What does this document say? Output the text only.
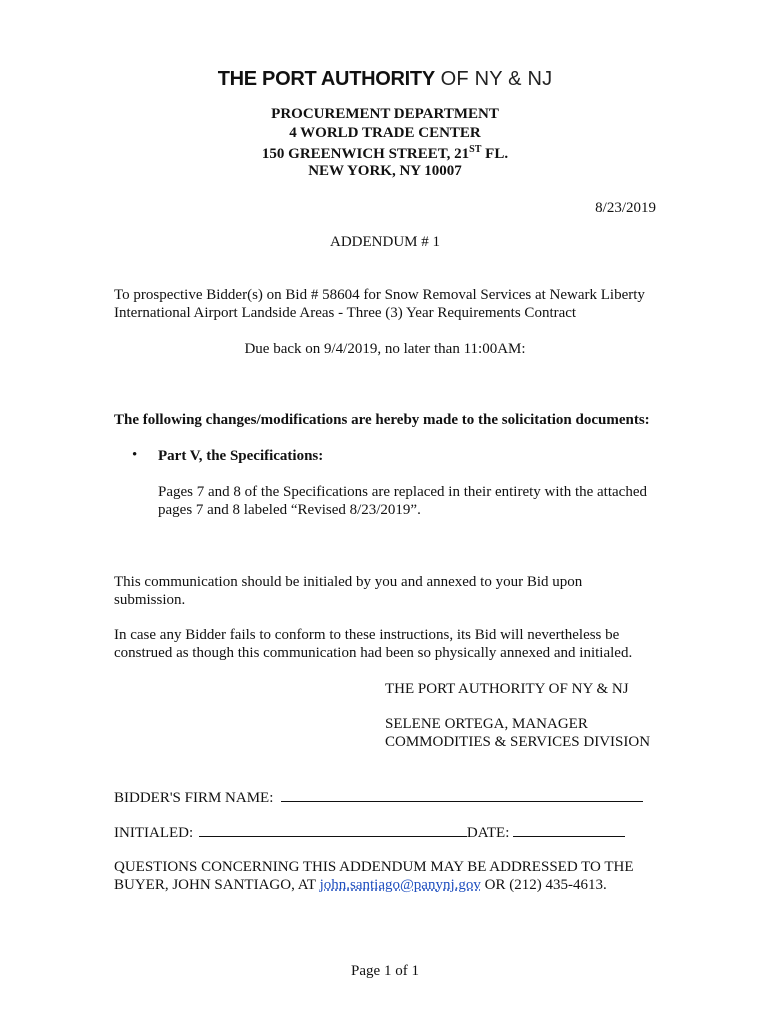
THE PORT AUTHORITY OF NY & NJ
PROCUREMENT DEPARTMENT
4 WORLD TRADE CENTER
150 GREENWICH STREET, 21ST FL.
NEW YORK, NY 10007
8/23/2019
ADDENDUM # 1
To prospective Bidder(s) on Bid # 58604 for Snow Removal Services at Newark Liberty
International Airport Landside Areas - Three (3) Year Requirements Contract
Due back on 9/4/2019, no later than 11:00AM:
The following changes/modifications are hereby made to the solicitation documents:
• Part V, the Specifications:
Pages 7 and 8 of the Specifications are replaced in their entirety with the attached
pages 7 and 8 labeled “Revised 8/23/2019”.
This communication should be initialed by you and annexed to your Bid upon
submission.
In case any Bidder fails to conform to these instructions, its Bid will nevertheless be
construed as though this communication had been so physically annexed and initialed.
THE PORT AUTHORITY OF NY & NJ
SELENE ORTEGA, MANAGER
COMMODITIES & SERVICES DIVISION
BIDDER'S FIRM NAME:
INITIALED:	DATE:
QUESTIONS CONCERNING THIS ADDENDUM MAY BE ADDRESSED TO THE
BUYER, JOHN SANTIAGO, AT john.santiago@panynj.gov OR (212) 435-4613.
Page 1 of 1
